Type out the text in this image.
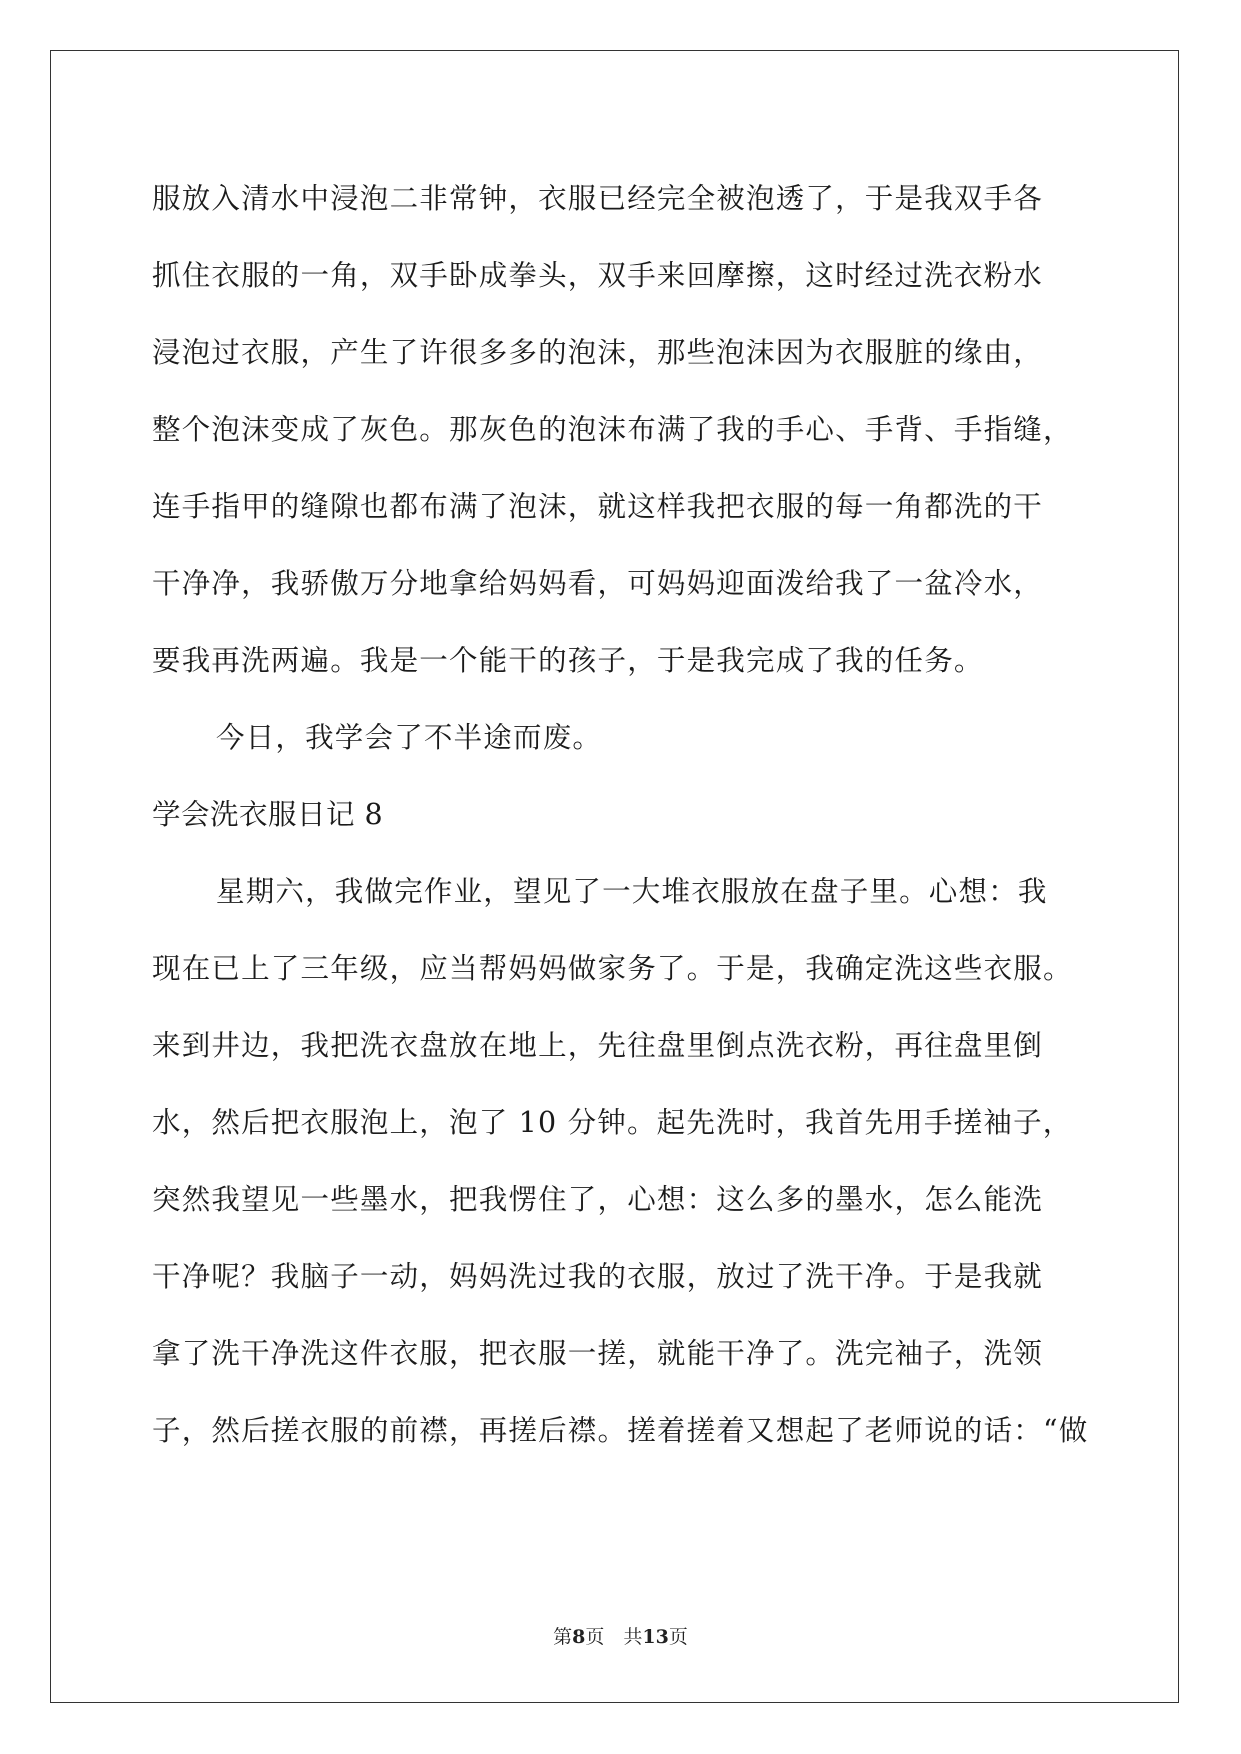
服放入清水中浸泡二非常钟，衣服已经完全被泡透了，于是我双手各
抓住衣服的一角，双手卧成拳头，双手来回摩擦，这时经过洗衣粉水
浸泡过衣服，产生了许很多多的泡沫，那些泡沫因为衣服脏的缘由，
整个泡沫变成了灰色。那灰色的泡沫布满了我的手心、手背、手指缝，
连手指甲的缝隙也都布满了泡沫，就这样我把衣服的每一角都洗的干
干净净，我骄傲万分地拿给妈妈看，可妈妈迎面泼给我了一盆冷水，
要我再洗两遍。我是一个能干的孩子，于是我完成了我的任务。
今日，我学会了不半途而废。
学会洗衣服日记 8
星期六，我做完作业，望见了一大堆衣服放在盘子里。心想：我
现在已上了三年级，应当帮妈妈做家务了。于是，我确定洗这些衣服。
来到井边，我把洗衣盘放在地上，先往盘里倒点洗衣粉，再往盘里倒
水，然后把衣服泡上，泡了 10 分钟。起先洗时，我首先用手搓袖子，
突然我望见一些墨水，把我愣住了，心想：这么多的墨水，怎么能洗
干净呢？我脑子一动，妈妈洗过我的衣服，放过了洗干净。于是我就
拿了洗干净洗这件衣服，把衣服一搓，就能干净了。洗完袖子，洗领
子，然后搓衣服的前襟，再搓后襟。搓着搓着又想起了老师说的话：“做
第8页　共13页
